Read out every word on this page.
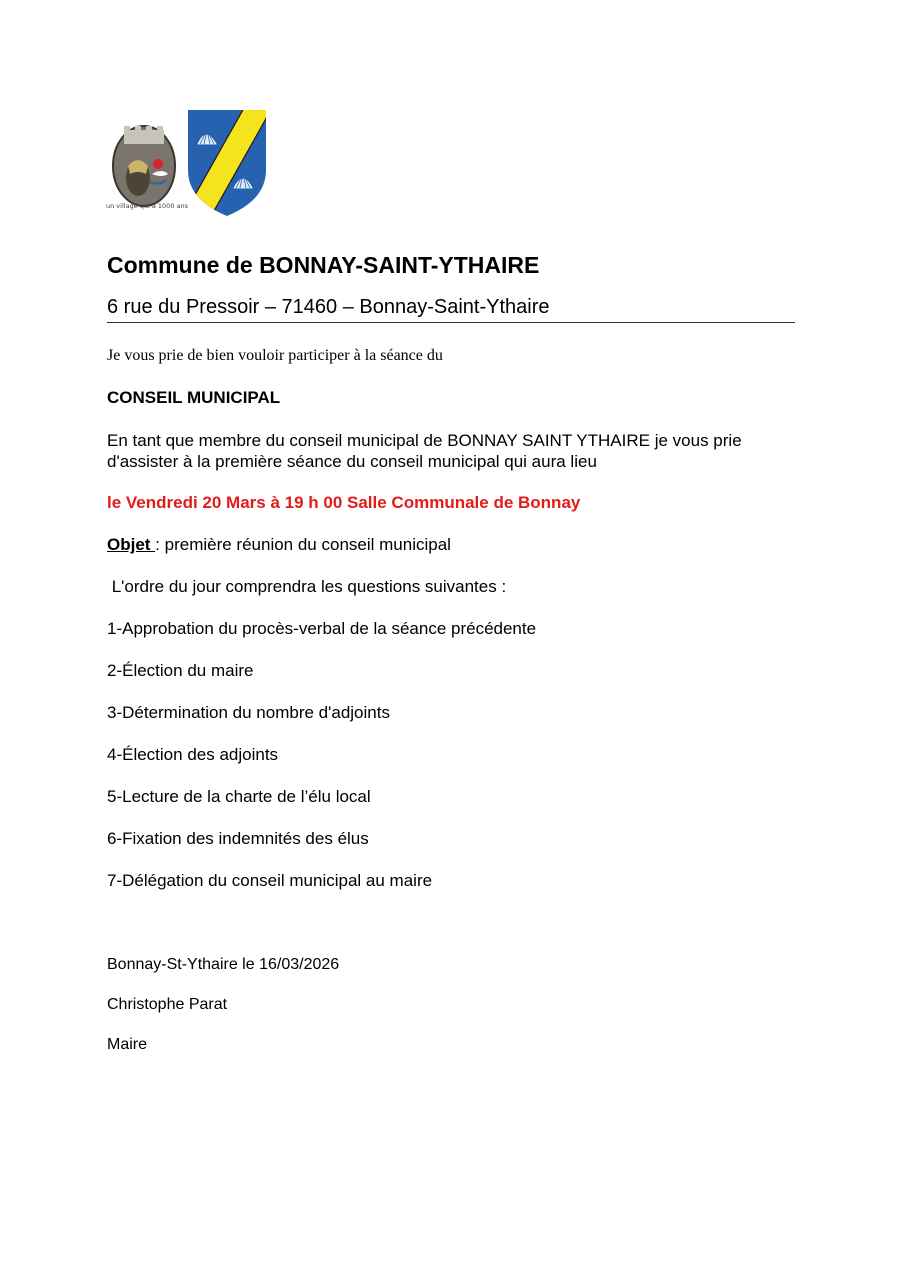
un village qui a 1000 ans
Commune de BONNAY-SAINT-YTHAIRE
6 rue du Pressoir – 71460 – Bonnay-Saint-Ythaire
Je vous prie de bien vouloir participer à la séance du
CONSEIL MUNICIPAL
En tant que membre du conseil municipal de BONNAY SAINT YTHAIRE je vous prie d'assister à la première séance du conseil municipal qui aura lieu
le Vendredi 20 Mars à 19 h 00 Salle Communale de Bonnay
Objet : première réunion du conseil municipal
L'ordre du jour comprendra les questions suivantes :
1-Approbation du procès-verbal de la séance précédente
2-Élection du maire
3-Détermination du nombre d'adjoints
4-Élection des adjoints
5-Lecture de la charte de l’élu local
6-Fixation des indemnités des élus
7-Délégation du conseil municipal au maire
Bonnay-St-Ythaire le 16/03/2026
Christophe Parat
Maire
